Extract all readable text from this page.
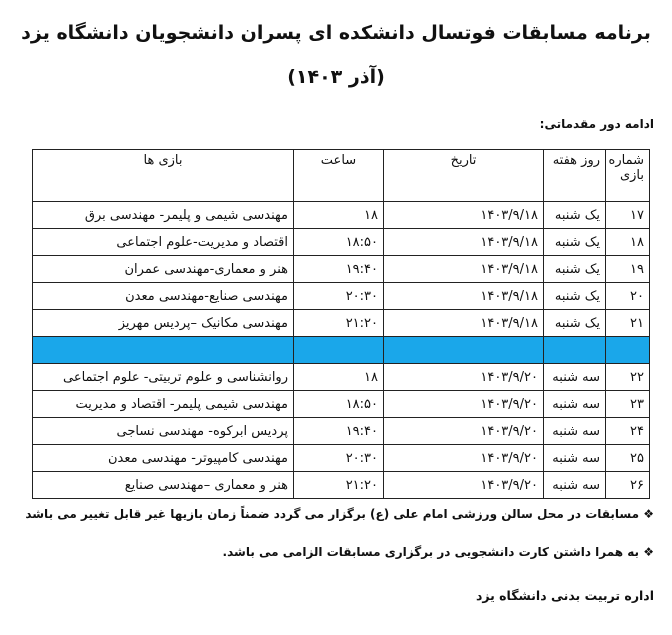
برنامه مسابقات فوتسال دانشکده ای پسران دانشجویان دانشگاه یزد
(آذر ۱۴۰۳)
ادامه دور مقدماتی:
شماره بازی	روز هفته	تاریخ	ساعت	بازی ها
۱۷	یک شنبه	۱۴۰۳/۹/۱۸	۱۸	مهندسی شیمی و پلیمر- مهندسی برق
۱۸	یک شنبه	۱۴۰۳/۹/۱۸	۱۸:۵۰	اقتصاد و مدیریت-علوم اجتماعی
۱۹	یک شنبه	۱۴۰۳/۹/۱۸	۱۹:۴۰	هنر و معماری-مهندسی عمران
۲۰	یک شنبه	۱۴۰۳/۹/۱۸	۲۰:۳۰	مهندسی صنایع-مهندسی معدن
۲۱	یک شنبه	۱۴۰۳/۹/۱۸	۲۱:۲۰	مهندسی مکانیک –پردیس مهریز

۲۲	سه شنبه	۱۴۰۳/۹/۲۰	۱۸	روانشناسی و علوم تربیتی- علوم اجتماعی
۲۳	سه شنبه	۱۴۰۳/۹/۲۰	۱۸:۵۰	مهندسی شیمی پلیمر- اقتصاد و مدیریت
۲۴	سه شنبه	۱۴۰۳/۹/۲۰	۱۹:۴۰	پردیس ابرکوه- مهندسی نساجی
۲۵	سه شنبه	۱۴۰۳/۹/۲۰	۲۰:۳۰	مهندسی کامپیوتر- مهندسی معدن
۲۶	سه شنبه	۱۴۰۳/۹/۲۰	۲۱:۲۰	هنر و معماری –مهندسی صنایع
❖ مسابقات در محل سالن ورزشی امام علی (ع) برگزار می گردد ضمناً زمان بازیها غیر قابل تغییر می باشد
❖ به همرا داشتن کارت دانشجویی در برگزاری مسابقات الزامی می باشد.
اداره تربیت بدنی دانشگاه یزد
